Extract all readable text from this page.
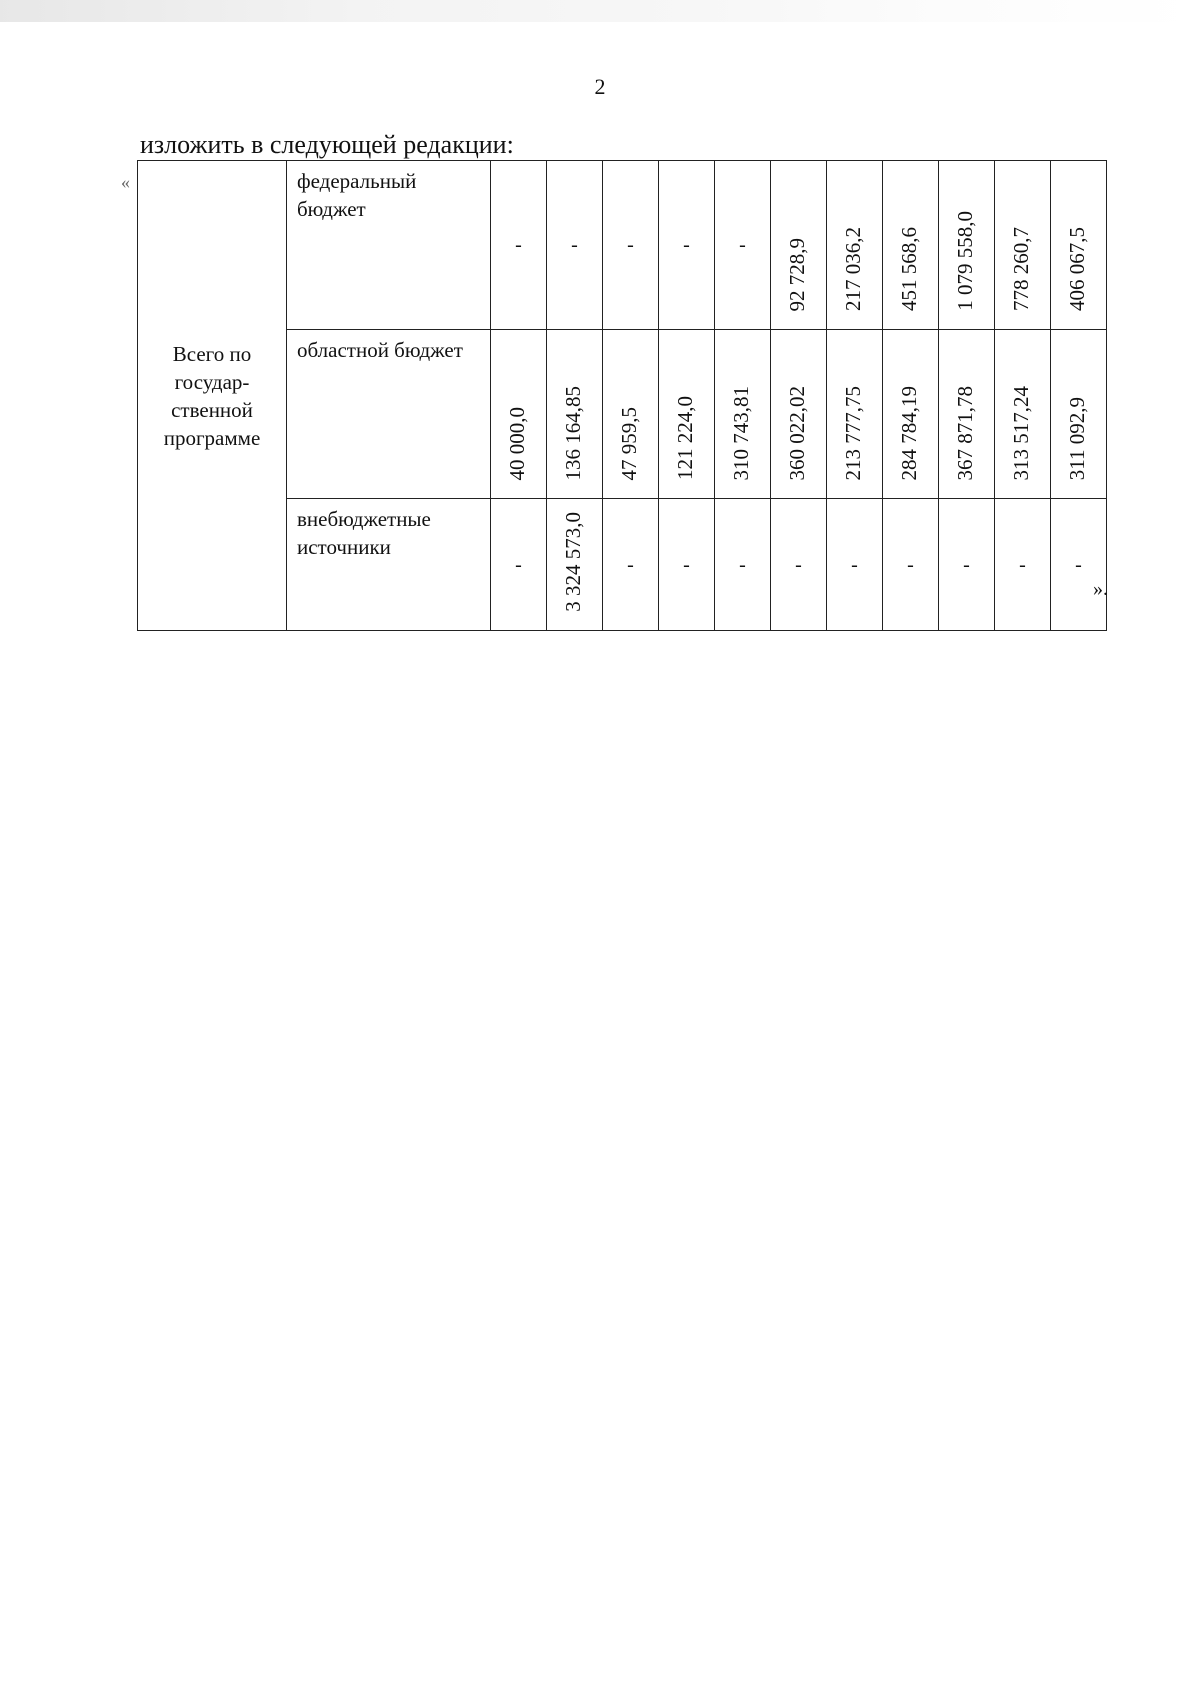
2
изложить в следующей редакции:
«
Всего по
государ-
ственной
программе	федеральный бюджет	-	-	-	-	-	92 728,9	217 036,2	451 568,6	1 079 558,0	778 260,7	406 067,5

	областной бюджет	40 000,0	136 164,85	47 959,5	121 224,0	310 743,81	360 022,02	213 777,75	284 784,19	367 871,78	313 517,24	311 092,9

	внебюджетные источники	-	3 324 573,0	-	-	-	-	-	-	-	-	-
».
